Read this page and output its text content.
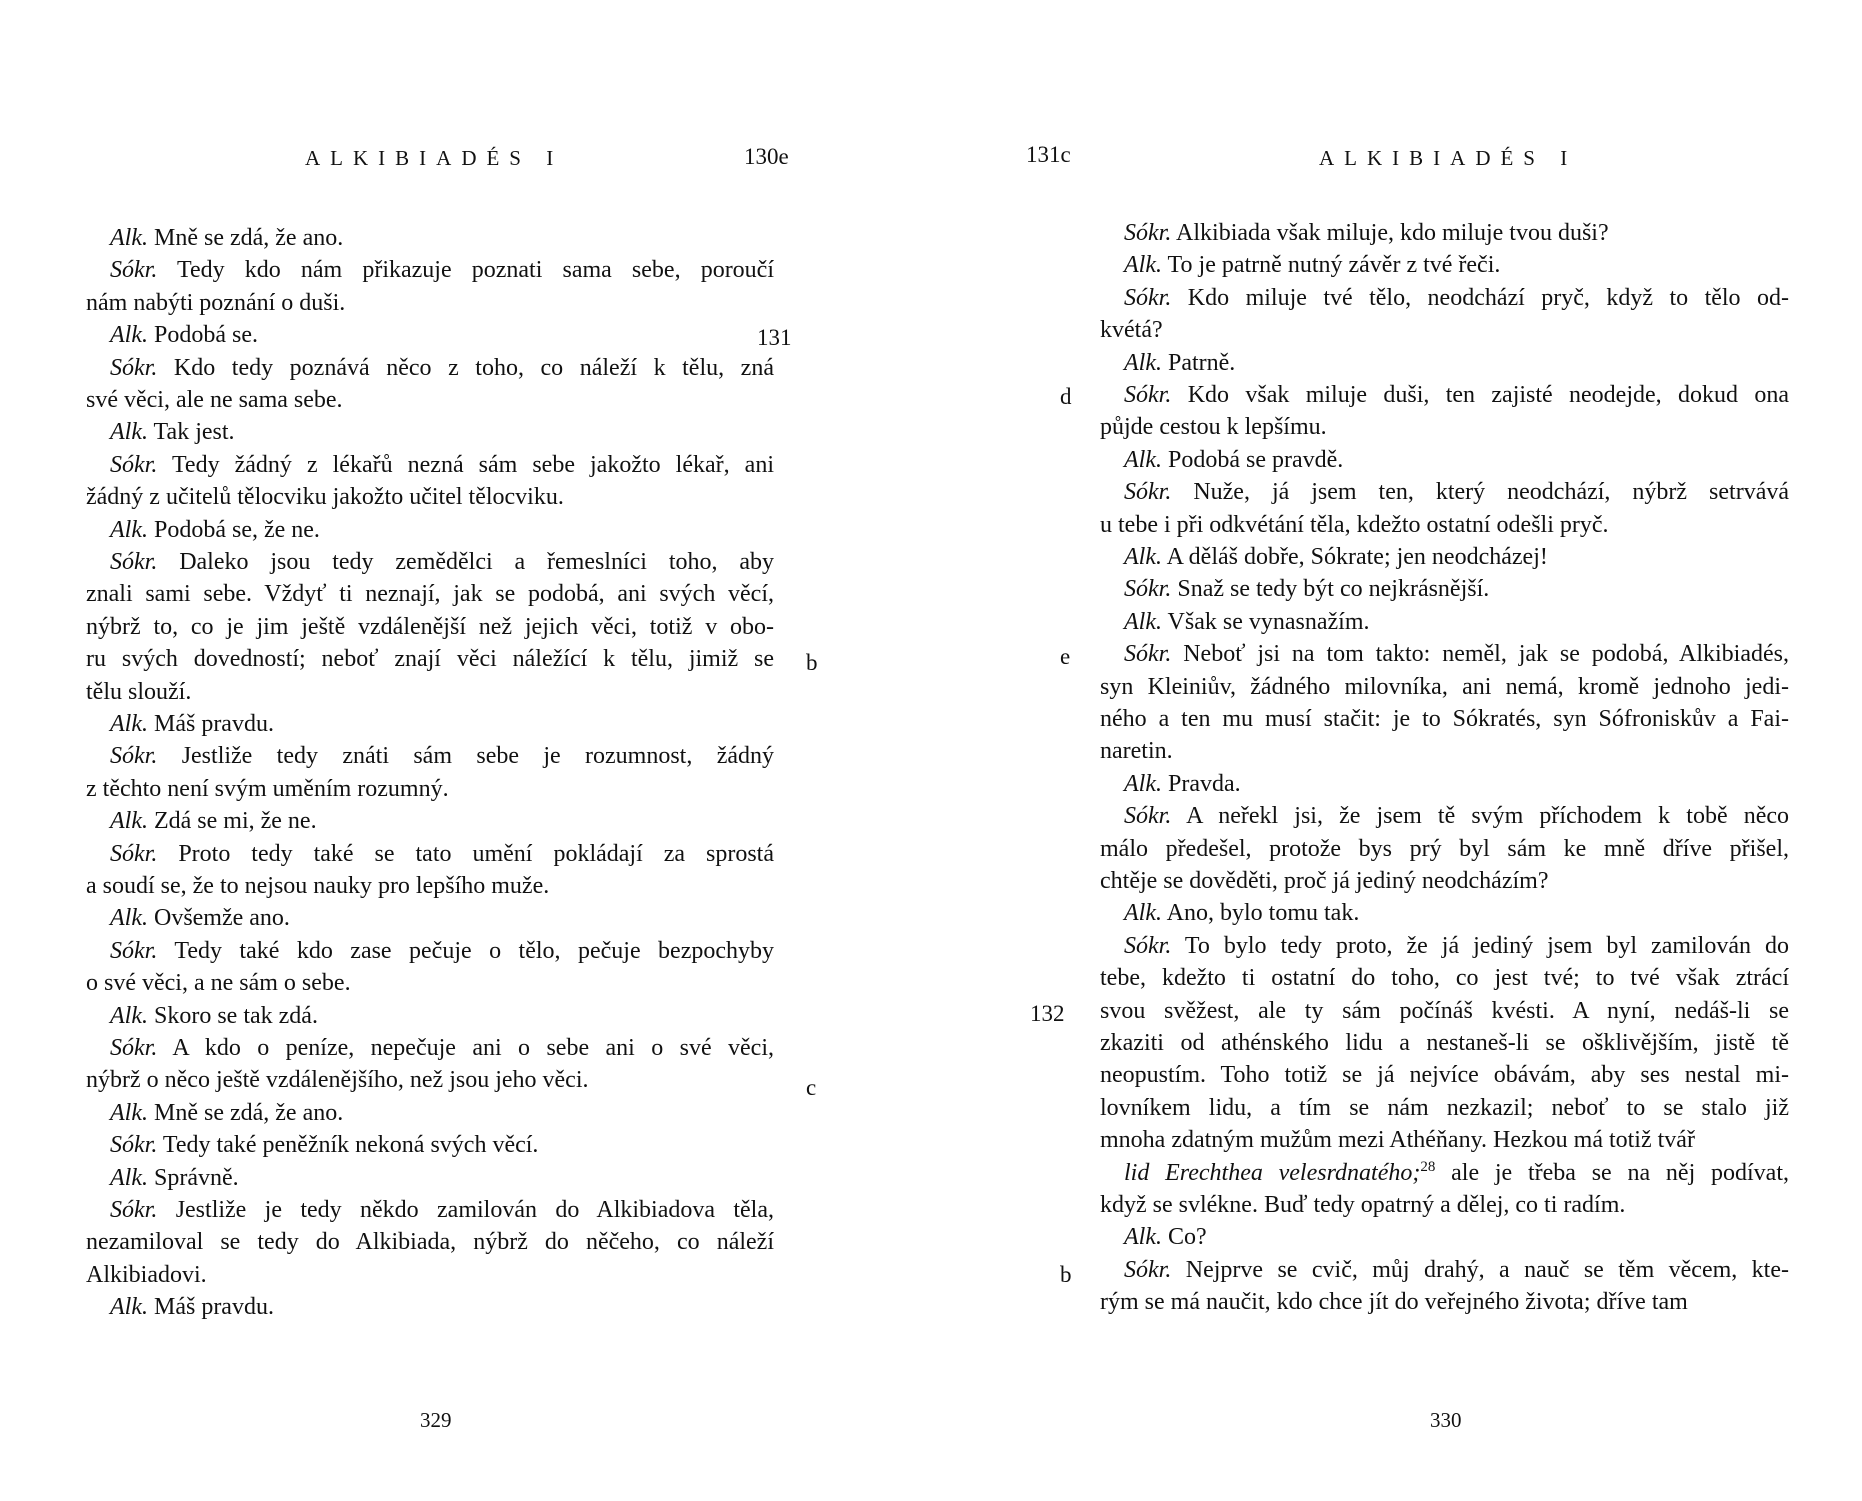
ALKIBIADÉS I	130e
131
b
c
Alk. Mně se zdá, že ano.
Sókr. Tedy kdo nám přikazuje poznati sama sebe, poroučí
nám nabýti poznání o duši.
Alk. Podobá se.
Sókr. Kdo tedy poznává něco z toho, co náleží k tělu, zná
své věci, ale ne sama sebe.
Alk. Tak jest.
Sókr. Tedy žádný z lékařů nezná sám sebe jakožto lékař, ani
žádný z učitelů tělocviku jakožto učitel tělocviku.
Alk. Podobá se, že ne.
Sókr. Daleko jsou tedy zemědělci a řemeslníci toho, aby
znali sami sebe. Vždyť ti neznají, jak se podobá, ani svých věcí,
nýbrž to, co je jim ještě vzdálenější než jejich věci, totiž v obo-
ru svých dovedností; neboť znají věci náležící k tělu, jimiž se
tělu slouží.
Alk. Máš pravdu.
Sókr. Jestliže tedy znáti sám sebe je rozumnost, žádný
z těchto není svým uměním rozumný.
Alk. Zdá se mi, že ne.
Sókr. Proto tedy také se tato umění pokládají za sprostá
a soudí se, že to nejsou nauky pro lepšího muže.
Alk. Ovšemže ano.
Sókr. Tedy také kdo zase pečuje o tělo, pečuje bezpochyby
o své věci, a ne sám o sebe.
Alk. Skoro se tak zdá.
Sókr. A kdo o peníze, nepečuje ani o sebe ani o své věci,
nýbrž o něco ještě vzdálenějšího, než jsou jeho věci.
Alk. Mně se zdá, že ano.
Sókr. Tedy také peněžník nekoná svých věcí.
Alk. Správně.
Sókr. Jestliže je tedy někdo zamilován do Alkibiadova těla,
nezamiloval se tedy do Alkibiada, nýbrž do něčeho, co náleží
Alkibiadovi.
Alk. Máš pravdu.
329
131c	ALKIBIADÉS I
d
e
132
b
Sókr. Alkibiada však miluje, kdo miluje tvou duši?
Alk. To je patrně nutný závěr z tvé řeči.
Sókr. Kdo miluje tvé tělo, neodchází pryč, když to tělo od-
kvétá?
Alk. Patrně.
Sókr. Kdo však miluje duši, ten zajisté neodejde, dokud ona
půjde cestou k lepšímu.
Alk. Podobá se pravdě.
Sókr. Nuže, já jsem ten, který neodchází, nýbrž setrvává
u tebe i při odkvétání těla, kdežto ostatní odešli pryč.
Alk. A děláš dobře, Sókrate; jen neodcházej!
Sókr. Snaž se tedy být co nejkrásnější.
Alk. Však se vynasnažím.
Sókr. Neboť jsi na tom takto: neměl, jak se podobá, Alkibiadés,
syn Kleiniův, žádného milovníka, ani nemá, kromě jednoho jedi-
ného a ten mu musí stačit: je to Sókratés, syn Sófroniskův a Fai-
naretin.
Alk. Pravda.
Sókr. A neřekl jsi, že jsem tě svým příchodem k tobě něco
málo předešel, protože bys prý byl sám ke mně dříve přišel,
chtěje se dověděti, proč já jediný neodcházím?
Alk. Ano, bylo tomu tak.
Sókr. To bylo tedy proto, že já jediný jsem byl zamilován do
tebe, kdežto ti ostatní do toho, co jest tvé; to tvé však ztrácí
svou svěžest, ale ty sám počínáš kvésti. A nyní, nedáš-li se
zkaziti od athénského lidu a nestaneš-li se ošklivějším, jistě tě
neopustím. Toho totiž se já nejvíce obávám, aby ses nestal mi-
lovníkem lidu, a tím se nám nezkazil; neboť to se stalo již
mnoha zdatným mužům mezi Athéňany. Hezkou má totiž tvář
lid Erechthea velesrdnatého;$^{28}$ ale je třeba se na něj podívat,
když se svlékne. Buď tedy opatrný a dělej, co ti radím.
Alk. Co?
Sókr. Nejprve se cvič, můj drahý, a nauč se těm věcem, kte-
rým se má naučit, kdo chce jít do veřejného života; dříve tam
330
